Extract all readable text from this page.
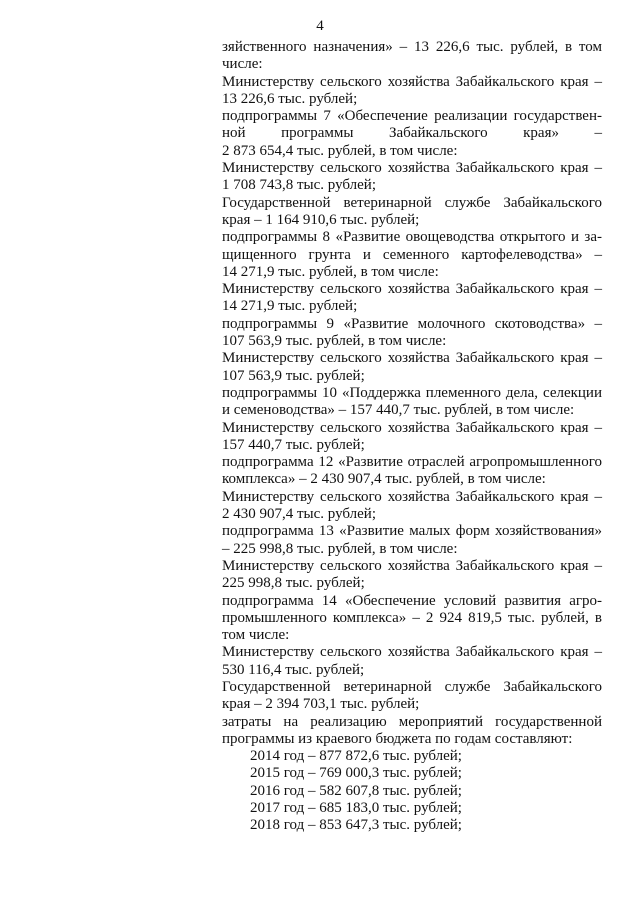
4

зяйственного назначения» – 13 226,6 тыс. рублей, в том

числе:

Министерству сельского хозяйства Забайкальского края –

13 226,6 тыс. рублей;

подпрограммы 7 «Обеспечение реализации государствен-

ной программы Забайкальского края» –

2 873 654,4 тыс. рублей, в том числе:

Министерству сельского хозяйства Забайкальского края –

1 708 743,8 тыс. рублей;

Государственной ветеринарной службе Забайкальского

края – 1 164 910,6 тыс. рублей;

подпрограммы 8 «Развитие овощеводства открытого и за-

щищенного грунта и семенного картофелеводства» –

14 271,9 тыс. рублей, в том числе:

Министерству сельского хозяйства Забайкальского края –

14 271,9 тыс. рублей;

подпрограммы 9 «Развитие молочного скотоводства» –

107 563,9 тыс. рублей, в том числе:

Министерству сельского хозяйства Забайкальского края –

107 563,9 тыс. рублей;

подпрограммы 10 «Поддержка племенного дела, селекции

и семеноводства» – 157 440,7 тыс. рублей, в том числе:

Министерству сельского хозяйства Забайкальского края –

157 440,7 тыс. рублей;

подпрограмма 12 «Развитие отраслей агропромышленного

комплекса» – 2 430 907,4 тыс. рублей, в том числе:

Министерству сельского хозяйства Забайкальского края –

2 430 907,4 тыс. рублей;

подпрограмма 13 «Развитие малых форм хозяйствования»

– 225 998,8 тыс. рублей, в том числе:

Министерству сельского хозяйства Забайкальского края –

225 998,8 тыс. рублей;

подпрограмма 14 «Обеспечение условий развития агро-

промышленного комплекса» – 2 924 819,5 тыс. рублей, в

том числе:

Министерству сельского хозяйства Забайкальского края –

530 116,4 тыс. рублей;

Государственной ветеринарной службе Забайкальского

края – 2 394 703,1 тыс. рублей;

затраты на реализацию мероприятий государственной

программы из краевого бюджета по годам составляют:

2014 год – 877 872,6 тыс. рублей;

2015 год – 769 000,3 тыс. рублей;

2016 год – 582 607,8 тыс. рублей;

2017 год – 685 183,0 тыс. рублей;

2018 год – 853 647,3 тыс. рублей;
